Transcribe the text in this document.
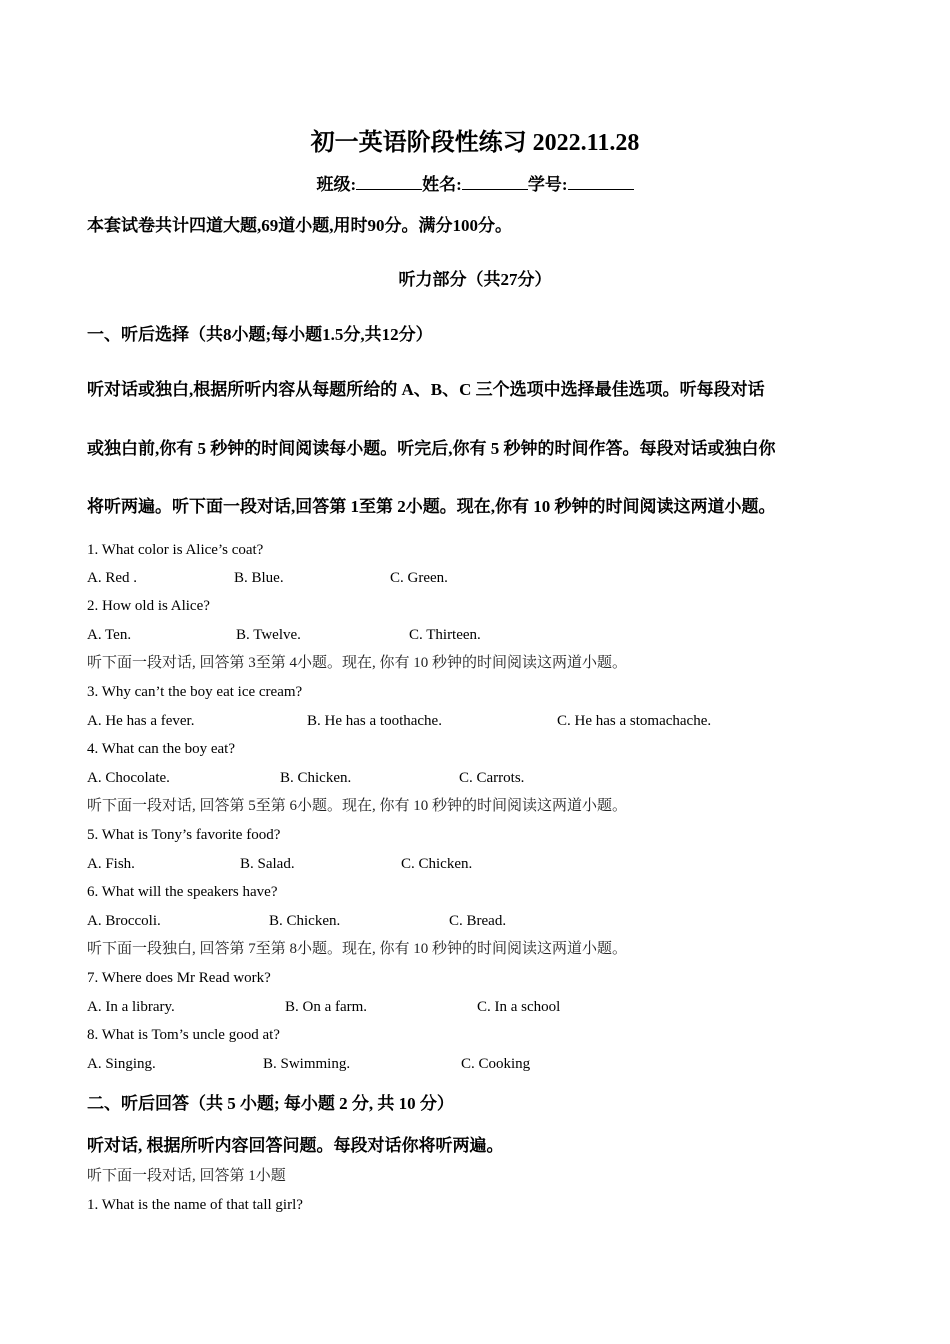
初一英语阶段性练习 2022.11.28
班级:	姓名:	学号:
本套试卷共计四道大题,69道小题,用时90分。满分100分。
听力部分（共27分）
一、听后选择（共8小题;每小题1.5分,共12分）
听对话或独白,根据所听内容从每题所给的 A、B、C 三个选项中选择最佳选项。听每段对话
或独白前,你有 5 秒钟的时间阅读每小题。听完后,你有 5 秒钟的时间作答。每段对话或独白你
将听两遍。听下面一段对话,回答第 1至第 2小题。现在,你有 10 秒钟的时间阅读这两道小题。
1. What color is Alice’s coat?
A. Red .	B. Blue.	C. Green.
2. How old is Alice?
A. Ten.	B. Twelve.	C. Thirteen.
听下面一段对话, 回答第 3至第 4小题。现在, 你有 10 秒钟的时间阅读这两道小题。
3. Why can’t the boy eat ice cream?
A. He has a fever.	B. He has a toothache.	C. He has a stomachache.
4. What can the boy eat?
A. Chocolate.	B. Chicken.	C. Carrots.
听下面一段对话, 回答第 5至第 6小题。现在, 你有 10 秒钟的时间阅读这两道小题。
5. What is Tony’s favorite food?
A. Fish.	B. Salad.	C. Chicken.
6. What will the speakers have?
A. Broccoli.	B. Chicken.	C. Bread.
听下面一段独白, 回答第 7至第 8小题。现在, 你有 10 秒钟的时间阅读这两道小题。
7. Where does Mr Read work?
A. In a library.	B. On a farm.	C. In a school
8. What is Tom’s uncle good at?
A. Singing.	B. Swimming.	C. Cooking
二、听后回答（共 5 小题; 每小题 2 分, 共 10 分）
听对话, 根据所听内容回答问题。每段对话你将听两遍。
听下面一段对话, 回答第 1小题
1. What is the name of that tall girl?
